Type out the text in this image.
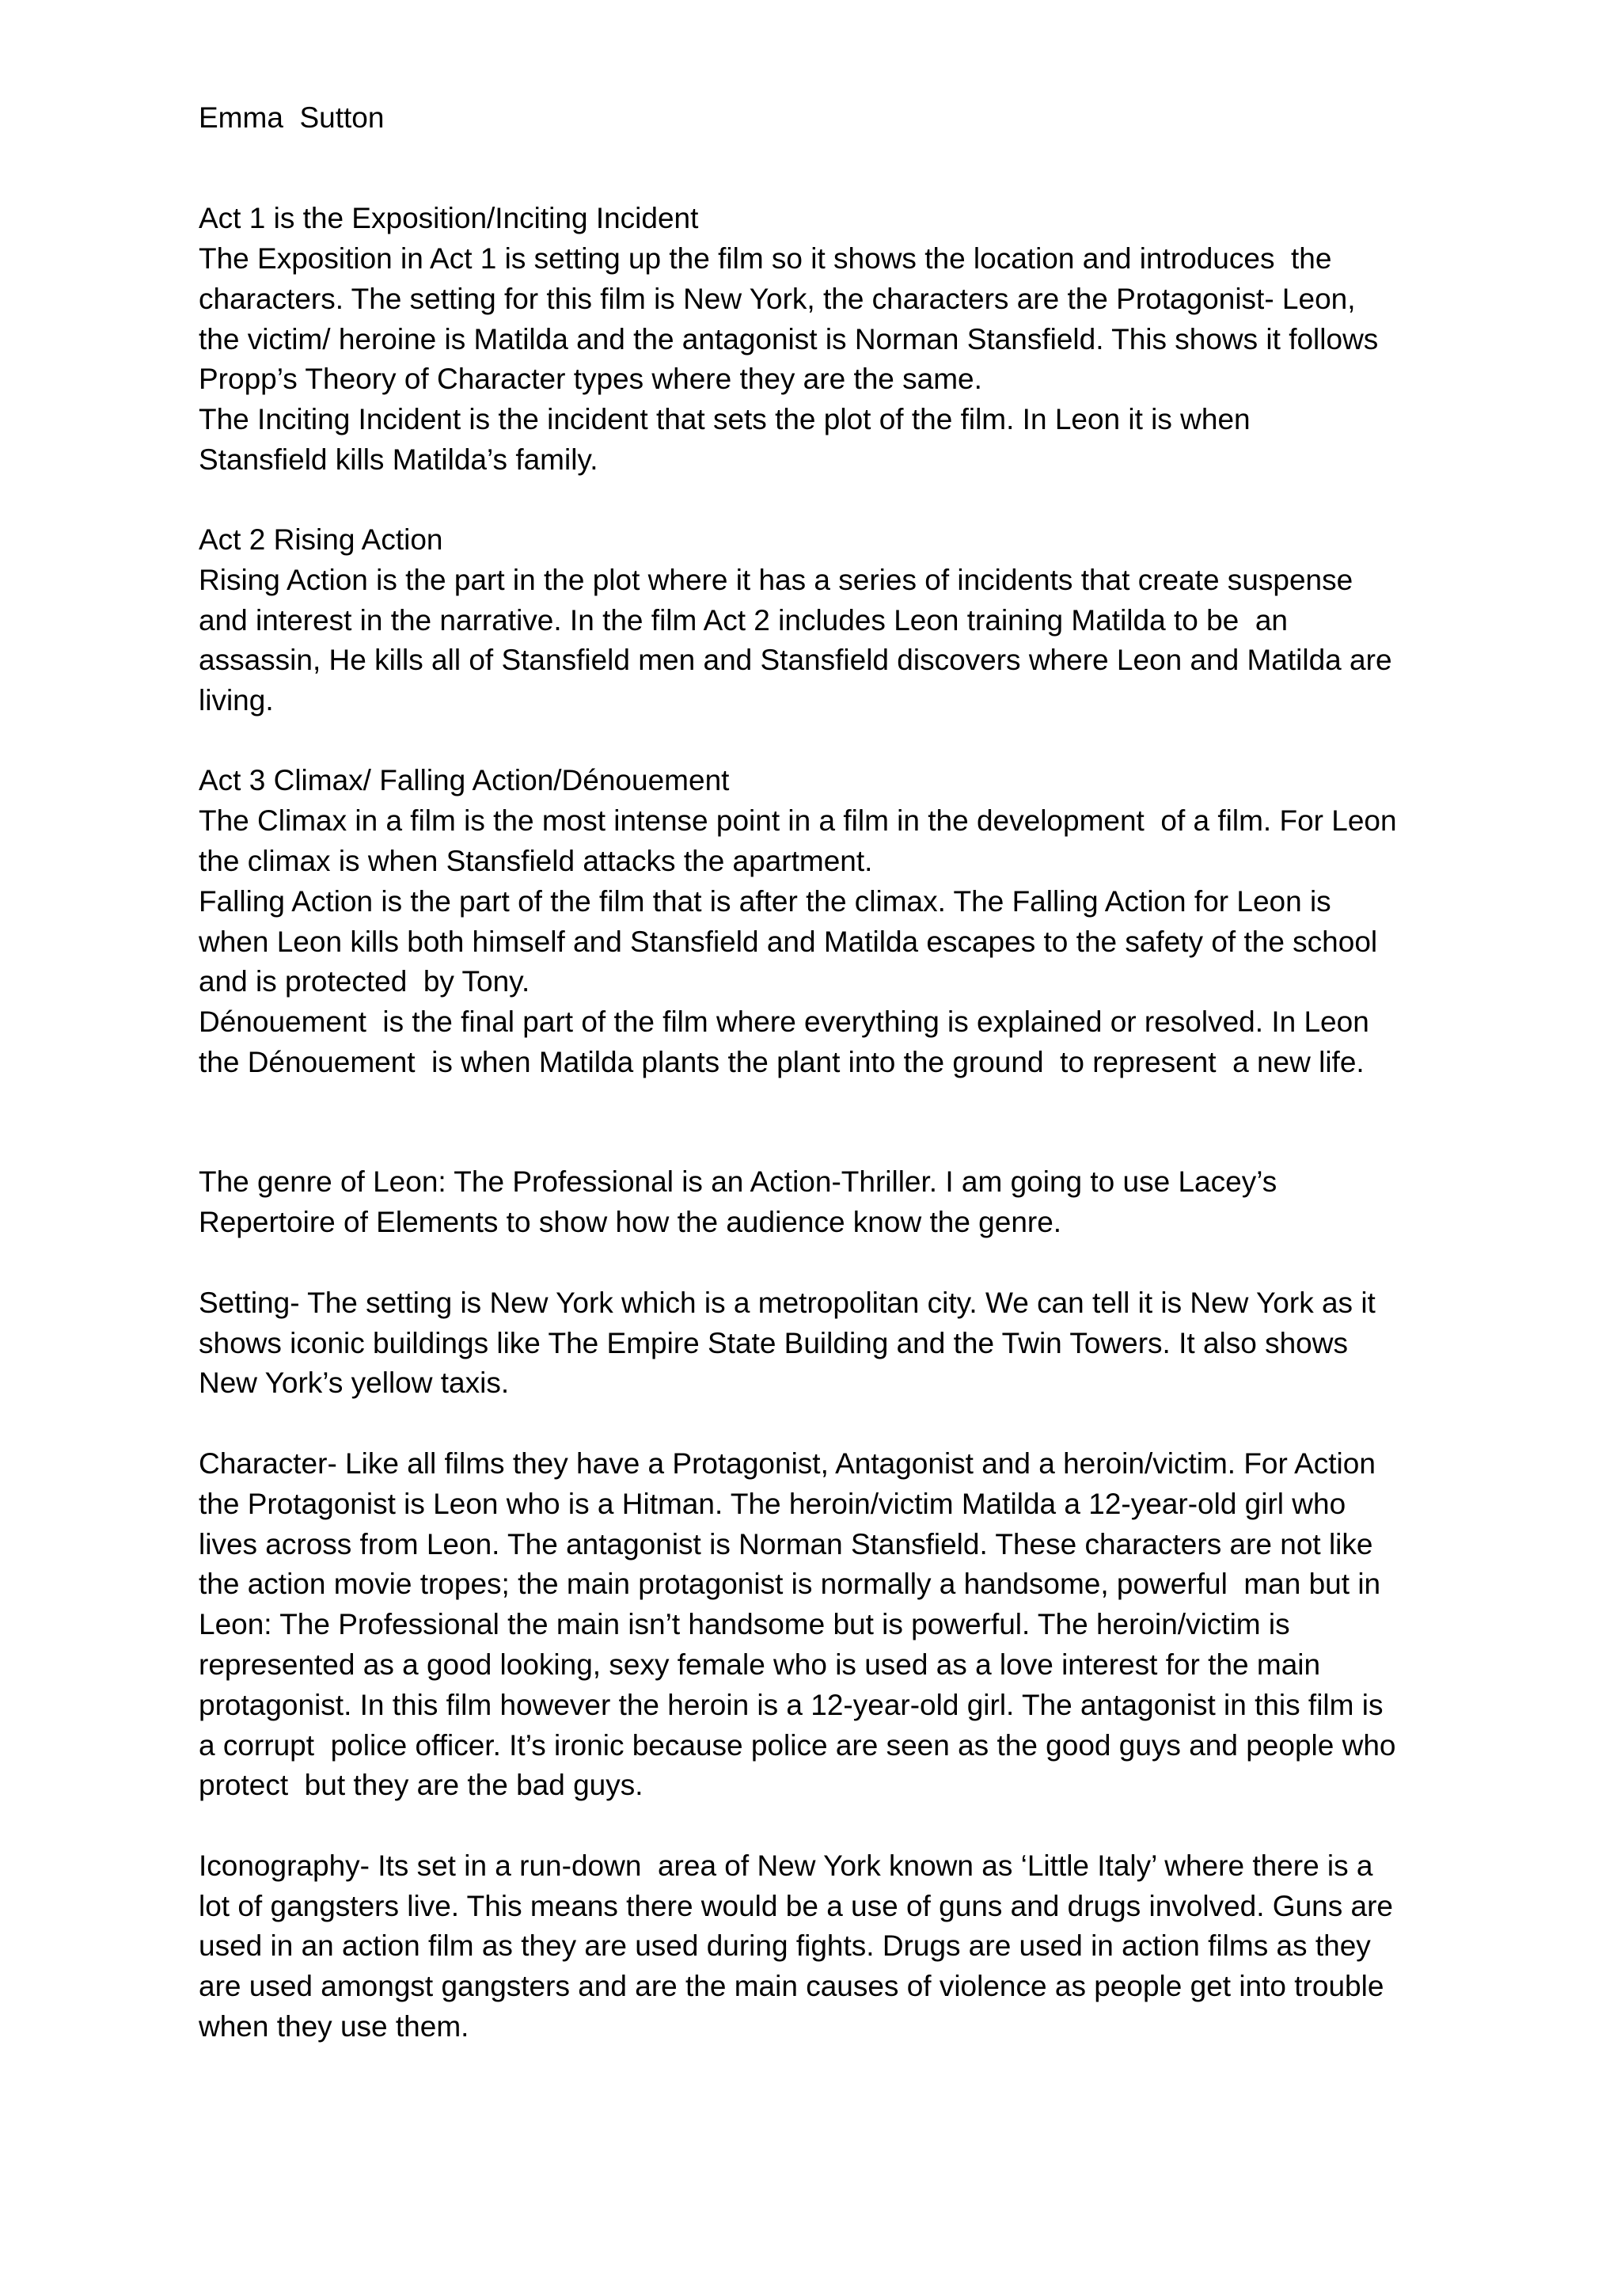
Emma  Sutton
Act 1 is the Exposition/Inciting Incident
The Exposition in Act 1 is setting up the film so it shows the location and introduces  the
characters. The setting for this film is New York, the characters are the Protagonist- Leon,
the victim/ heroine is Matilda and the antagonist is Norman Stansfield. This shows it follows
Propp’s Theory of Character types where they are the same.
The Inciting Incident is the incident that sets the plot of the film. In Leon it is when
Stansfield kills Matilda’s family.
Act 2 Rising Action
Rising Action is the part in the plot where it has a series of incidents that create suspense
and interest in the narrative. In the film Act 2 includes Leon training Matilda to be  an
assassin, He kills all of Stansfield men and Stansfield discovers where Leon and Matilda are
living.
Act 3 Climax/ Falling Action/Dénouement
The Climax in a film is the most intense point in a film in the development  of a film. For Leon
the climax is when Stansfield attacks the apartment.
Falling Action is the part of the film that is after the climax. The Falling Action for Leon is
when Leon kills both himself and Stansfield and Matilda escapes to the safety of the school
and is protected  by Tony.
Dénouement  is the final part of the film where everything is explained or resolved. In Leon
the Dénouement  is when Matilda plants the plant into the ground  to represent  a new life.
The genre of Leon: The Professional is an Action-Thriller. I am going to use Lacey’s
Repertoire of Elements to show how the audience know the genre.
Setting- The setting is New York which is a metropolitan city. We can tell it is New York as it
shows iconic buildings like The Empire State Building and the Twin Towers. It also shows
New York’s yellow taxis.
Character- Like all films they have a Protagonist, Antagonist and a heroin/victim. For Action
the Protagonist is Leon who is a Hitman. The heroin/victim Matilda a 12-year-old girl who
lives across from Leon. The antagonist is Norman Stansfield. These characters are not like
the action movie tropes; the main protagonist is normally a handsome, powerful  man but in
Leon: The Professional the main isn’t handsome but is powerful. The heroin/victim is
represented as a good looking, sexy female who is used as a love interest for the main
protagonist. In this film however the heroin is a 12-year-old girl. The antagonist in this film is
a corrupt  police officer. It’s ironic because police are seen as the good guys and people who
protect  but they are the bad guys.
Iconography- Its set in a run-down  area of New York known as ‘Little Italy’ where there is a
lot of gangsters live. This means there would be a use of guns and drugs involved. Guns are
used in an action film as they are used during fights. Drugs are used in action films as they
are used amongst gangsters and are the main causes of violence as people get into trouble
when they use them.
